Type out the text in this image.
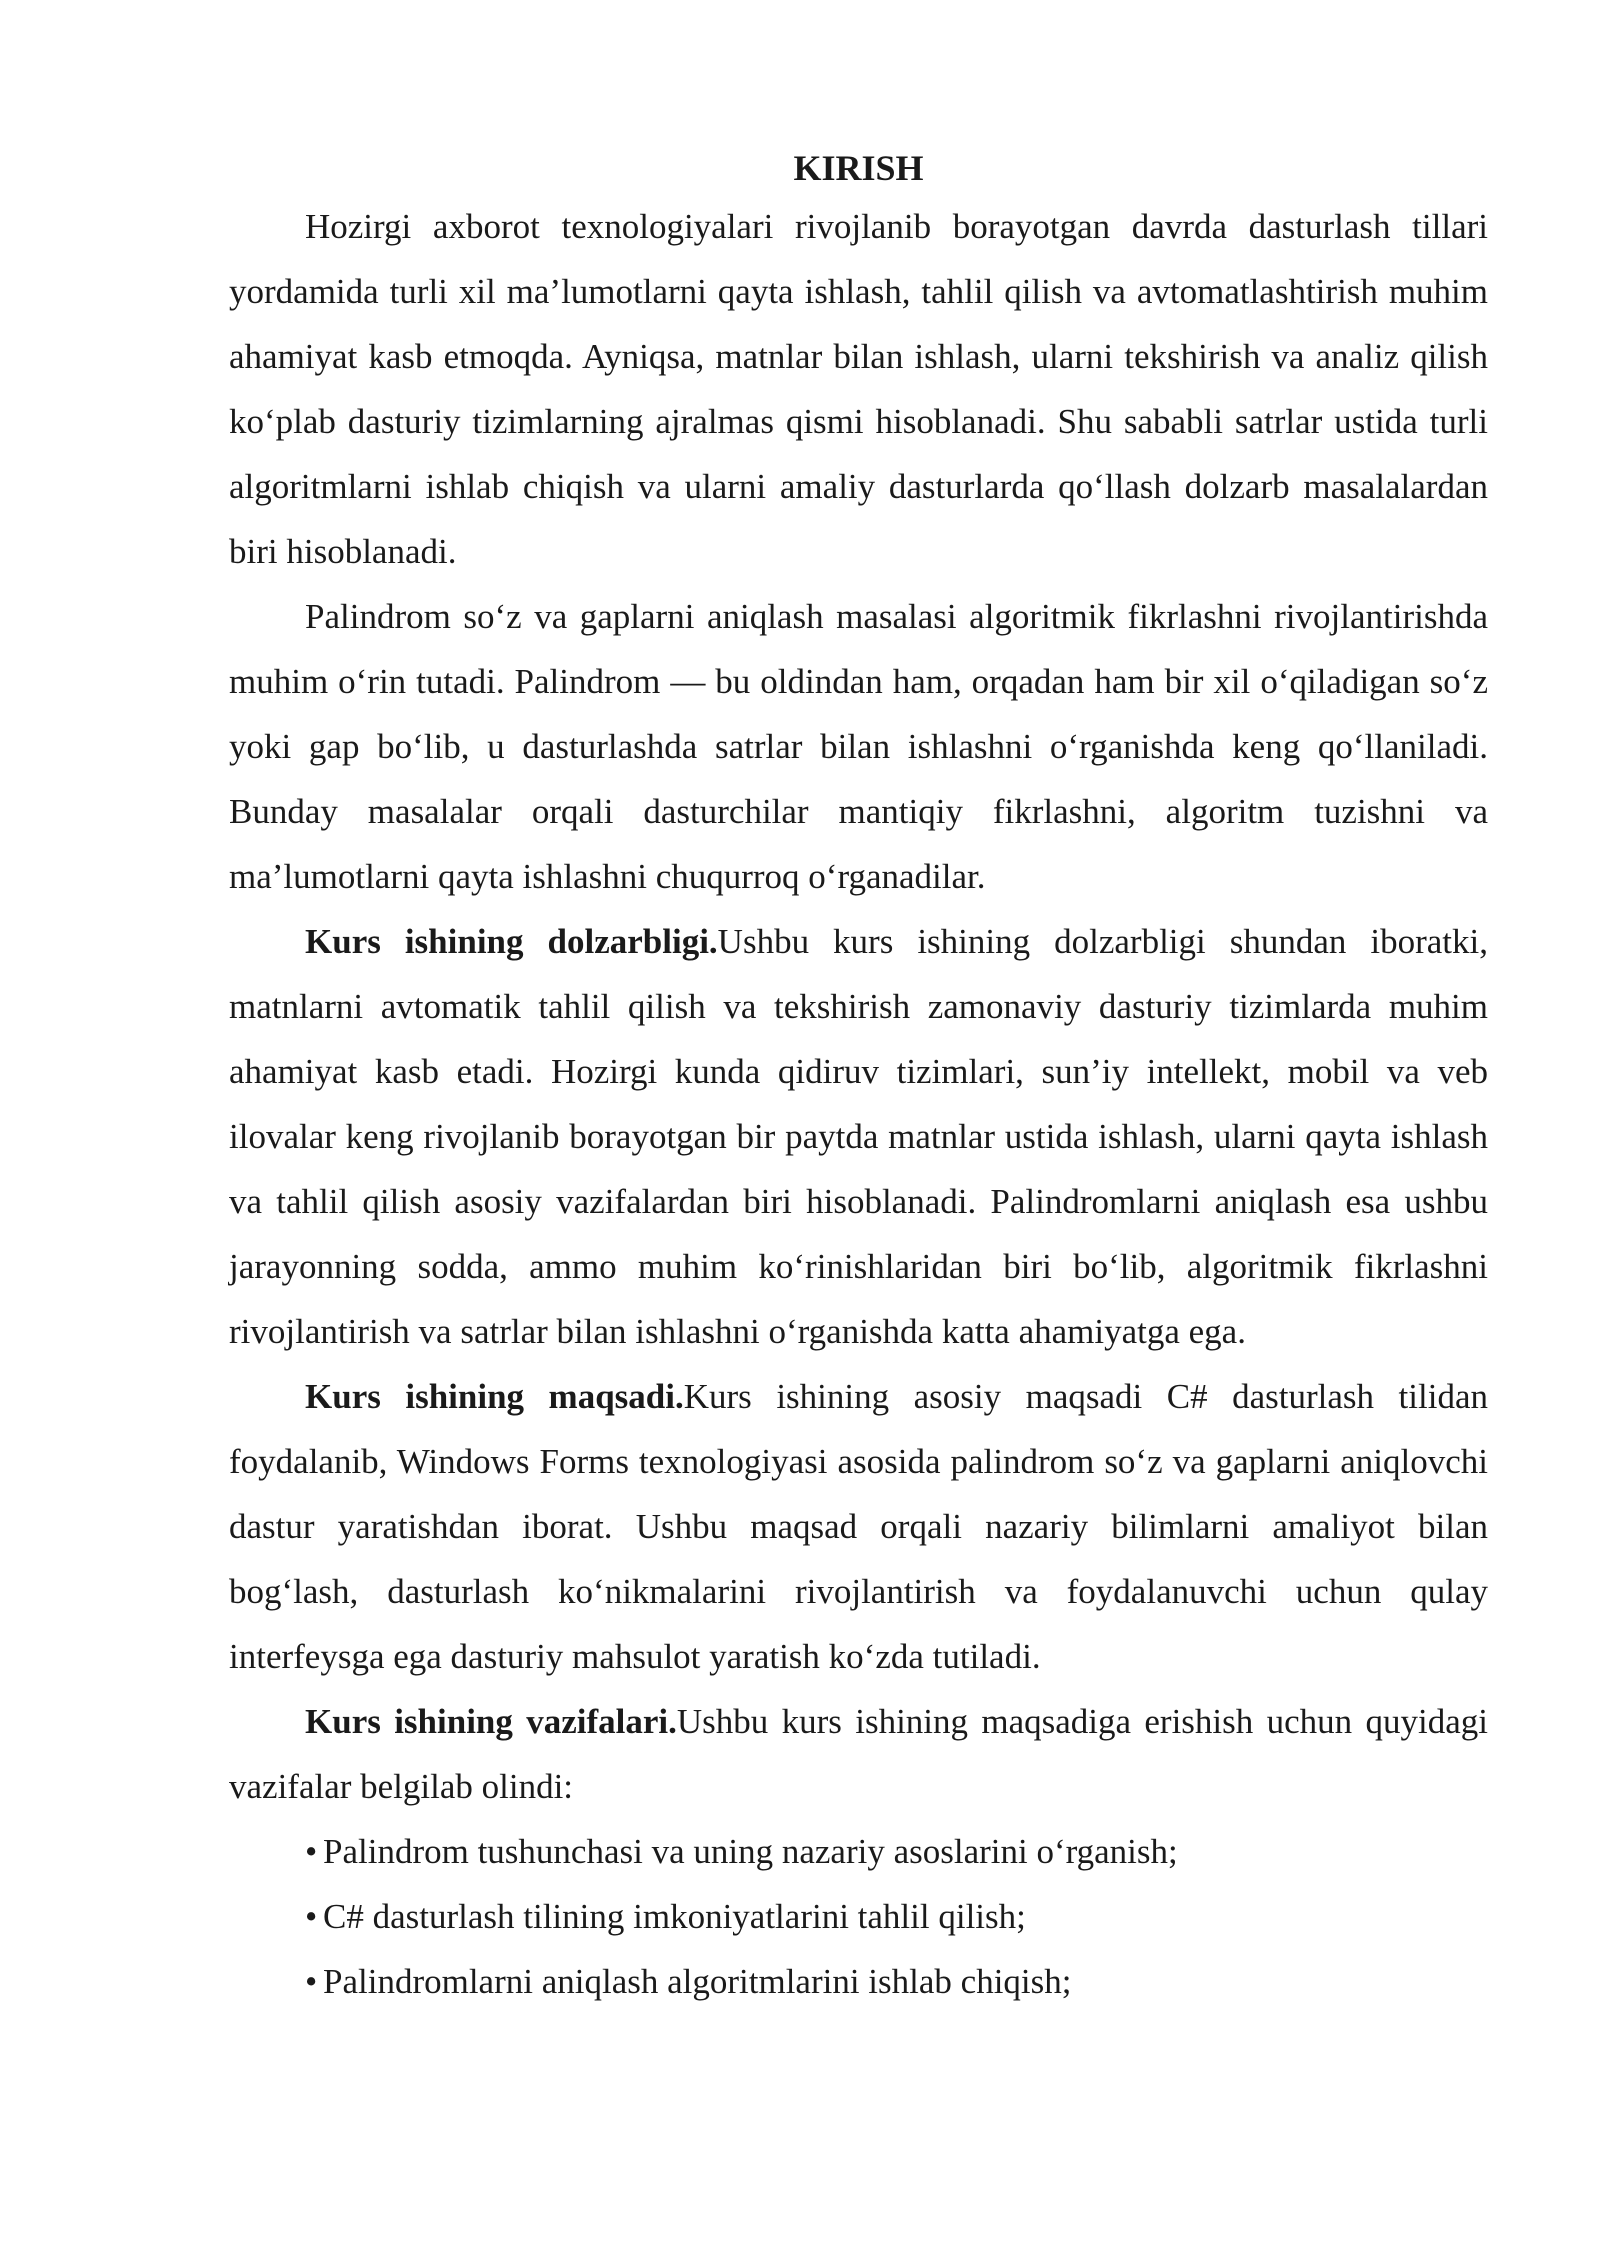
KIRISH

Hozirgi axborot texnologiyalari rivojlanib borayotgan davrda dasturlash tillari yordamida turli xil ma’lumotlarni qayta ishlash, tahlil qilish va avtomatlashtirish muhim ahamiyat kasb etmoqda. Ayniqsa, matnlar bilan ishlash, ularni tekshirish va analiz qilish ko‘plab dasturiy tizimlarning ajralmas qismi hisoblanadi. Shu sababli satrlar ustida turli algoritmlarni ishlab chiqish va ularni amaliy dasturlarda qo‘llash dolzarb masalalardan biri hisoblanadi.

Palindrom so‘z va gaplarni aniqlash masalasi algoritmik fikrlashni rivojlantirishda muhim o‘rin tutadi. Palindrom — bu oldindan ham, orqadan ham bir xil o‘qiladigan so‘z yoki gap bo‘lib, u dasturlashda satrlar bilan ishlashni o‘rganishda keng qo‘llaniladi. Bunday masalalar orqali dasturchilar mantiqiy fikrlashni, algoritm tuzishni va ma’lumotlarni qayta ishlashni chuqurroq o‘rganadilar.

Kurs ishining dolzarbligi.Ushbu kurs ishining dolzarbligi shundan iboratki, matnlarni avtomatik tahlil qilish va tekshirish zamonaviy dasturiy tizimlarda muhim ahamiyat kasb etadi. Hozirgi kunda qidiruv tizimlari, sun’iy intellekt, mobil va veb ilovalar keng rivojlanib borayotgan bir paytda matnlar ustida ishlash, ularni qayta ishlash va tahlil qilish asosiy vazifalardan biri hisoblanadi. Palindromlarni aniqlash esa ushbu jarayonning sodda, ammo muhim ko‘rinishlaridan biri bo‘lib, algoritmik fikrlashni rivojlantirish va satrlar bilan ishlashni o‘rganishda katta ahamiyatga ega.

Kurs ishining maqsadi.Kurs ishining asosiy maqsadi C# dasturlash tilidan foydalanib, Windows Forms texnologiyasi asosida palindrom so‘z va gaplarni aniqlovchi dastur yaratishdan iborat. Ushbu maqsad orqali nazariy bilimlarni amaliyot bilan bog‘lash, dasturlash ko‘nikmalarini rivojlantirish va foydalanuvchi uchun qulay interfeysga ega dasturiy mahsulot yaratish ko‘zda tutiladi.

Kurs ishining vazifalari.Ushbu kurs ishining maqsadiga erishish uchun quyidagi vazifalar belgilab olindi:

• Palindrom tushunchasi va uning nazariy asoslarini o‘rganish;
• C# dasturlash tilining imkoniyatlarini tahlil qilish;
• Palindromlarni aniqlash algoritmlarini ishlab chiqish;
